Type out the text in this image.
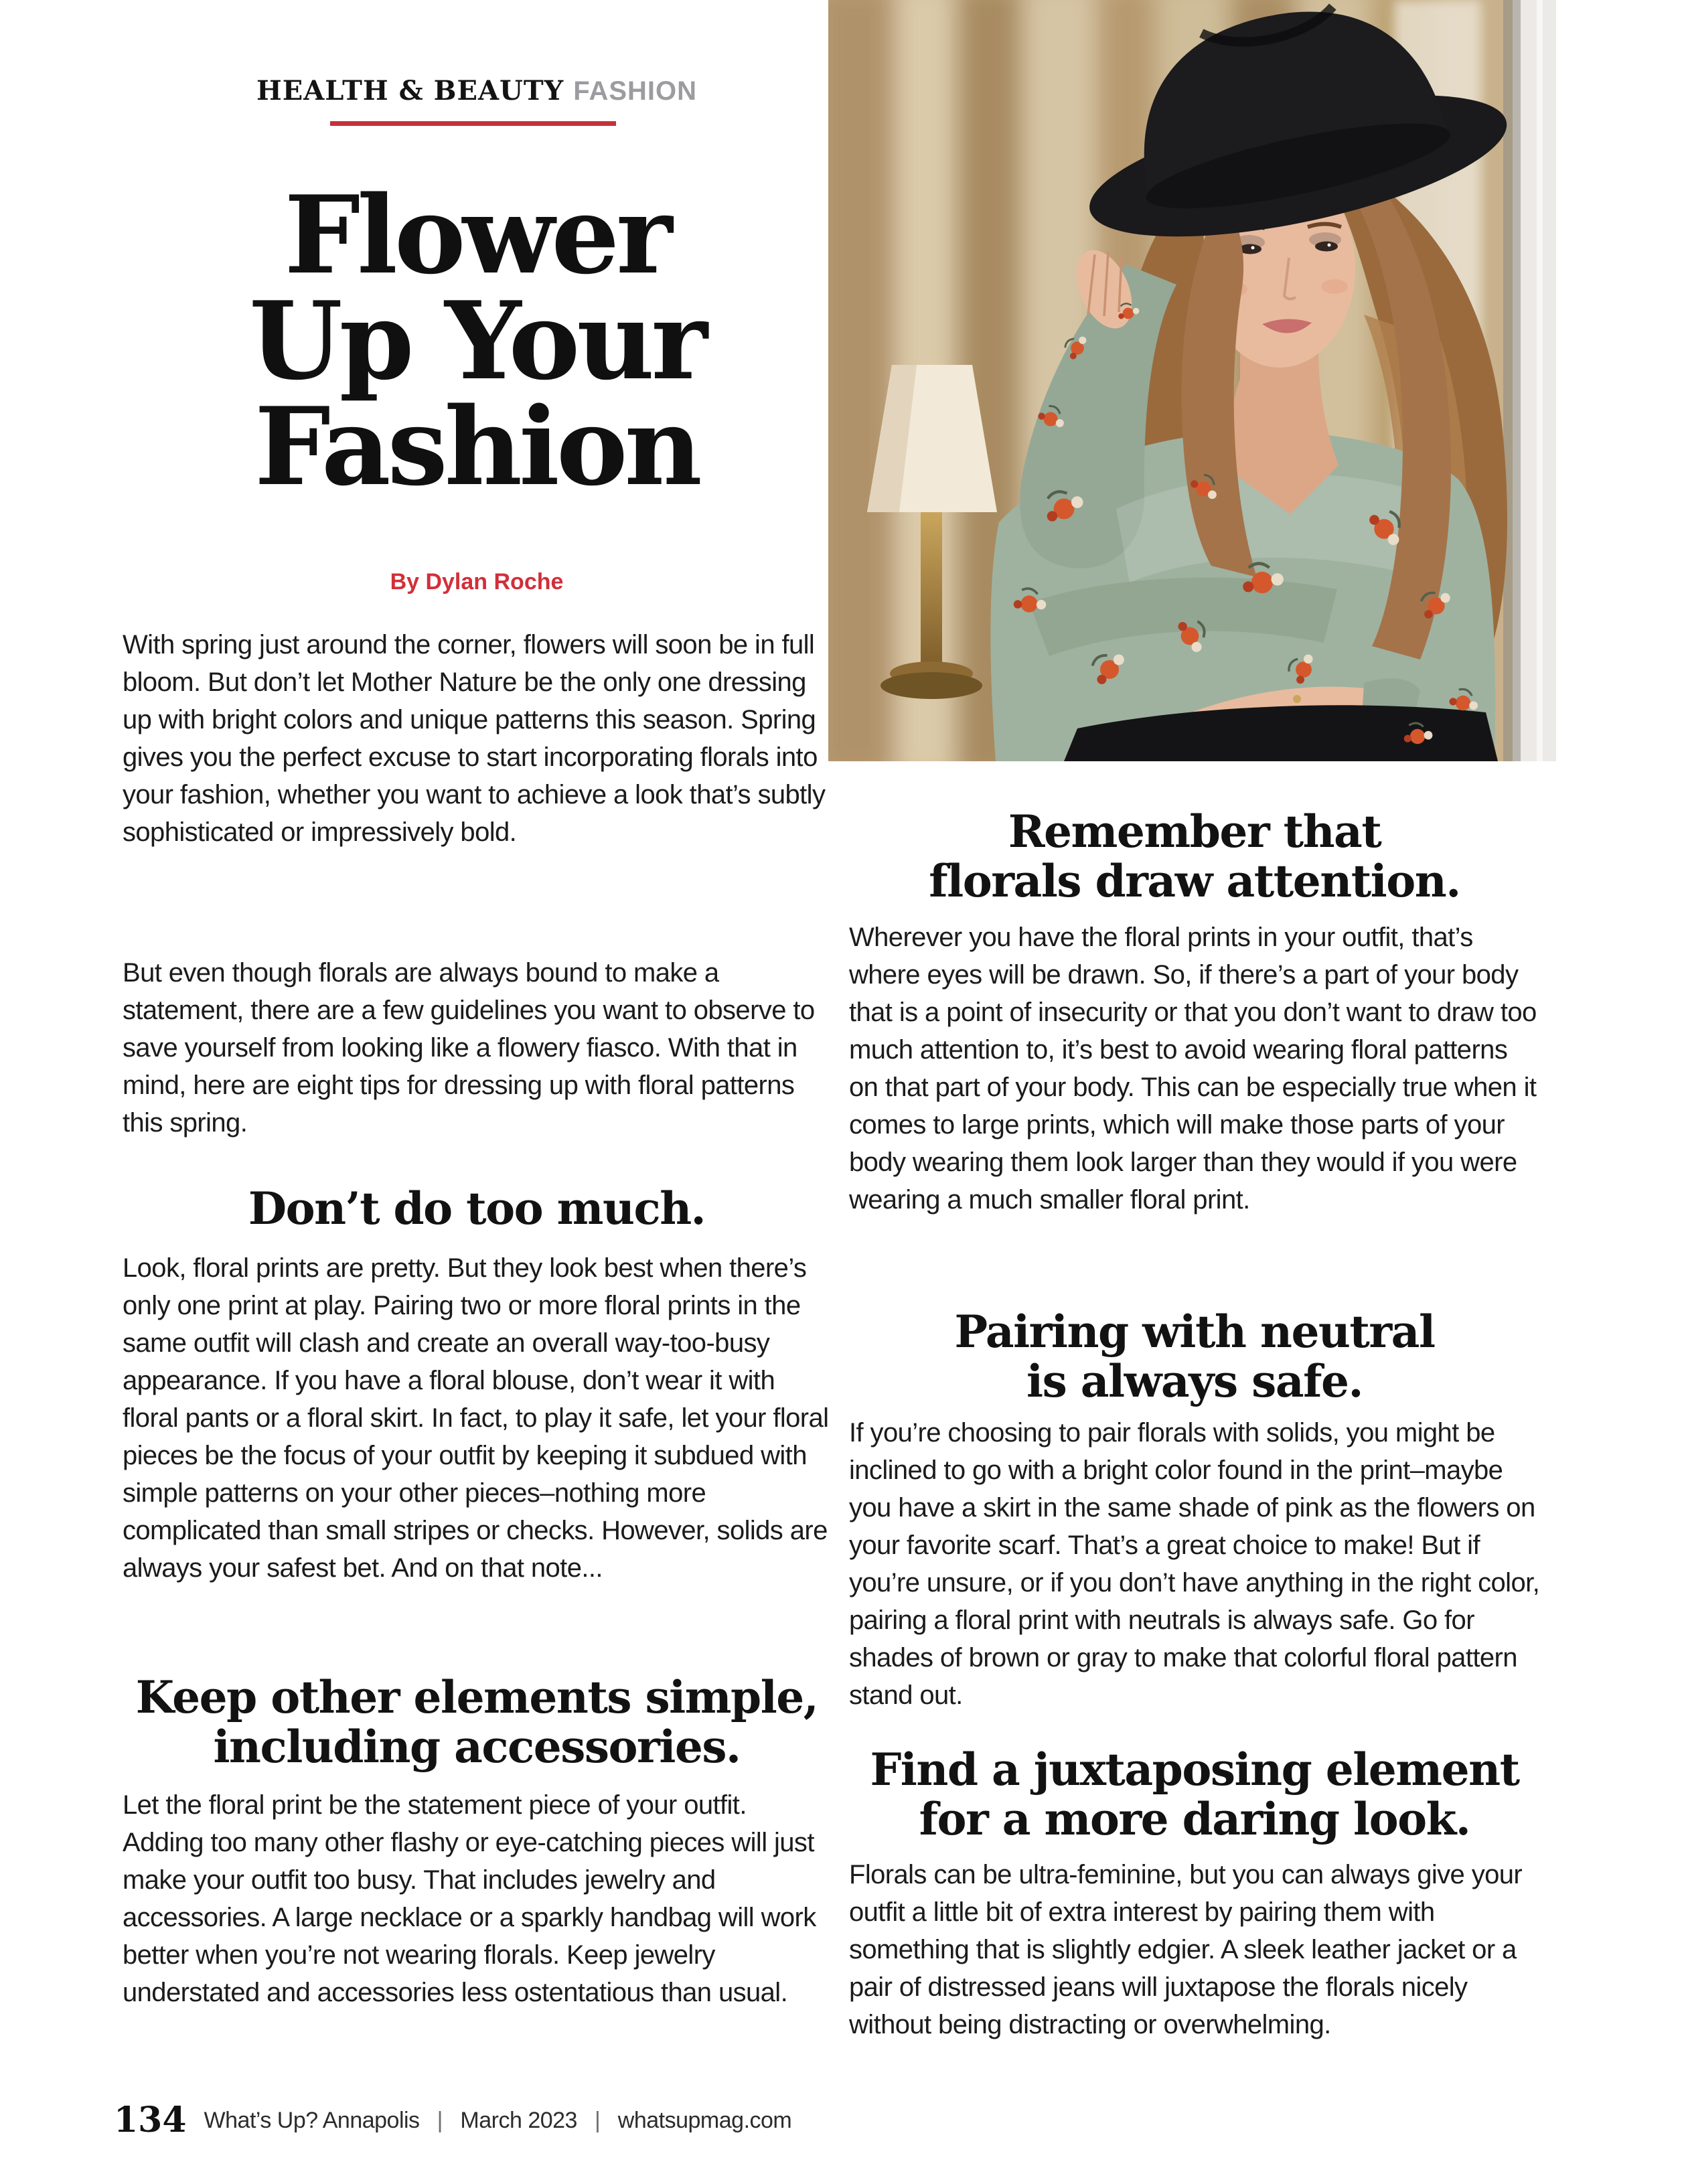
HEALTH & BEAUTY FASHION
Flower
Up Your
Fashion
By Dylan Roche
With spring just around the corner, flowers will soon be in full bloom. But don’t let Mother Nature be the only one dressing up with bright colors and unique patterns this season. Spring gives you the perfect excuse to start incorporating florals into your fashion, whether you want to achieve a look that’s subtly sophisticated or impressively bold.
But even though florals are always bound to make a statement, there are a few guidelines you want to observe to save yourself from looking like a flowery fiasco. With that in mind, here are eight tips for dressing up with floral patterns this spring.
Don’t do too much.
Look, floral prints are pretty. But they look best when there’s only one print at play. Pairing two or more floral prints in the same outfit will clash and create an overall way-too-busy appearance. If you have a floral blouse, don’t wear it with floral pants or a floral skirt. In fact, to play it safe, let your floral pieces be the focus of your outfit by keeping it subdued with simple patterns on your other pieces–nothing more complicated than small stripes or checks. However, solids are always your safest bet. And on that note...
Keep other elements simple,
including accessories.
Let the floral print be the statement piece of your outfit. Adding too many other flashy or eye-catching pieces will just make your outfit too busy. That includes jewelry and accessories. A large necklace or a sparkly handbag will work better when you’re not wearing florals. Keep jewelry understated and accessories less ostentatious than usual.
Remember that
florals draw attention.
Wherever you have the floral prints in your outfit, that’s where eyes will be drawn. So, if there’s a part of your body that is a point of insecurity or that you don’t want to draw too much attention to, it’s best to avoid wearing floral patterns on that part of your body. This can be especially true when it comes to large prints, which will make those parts of your body wearing them look larger than they would if you were wearing a much smaller floral print.
Pairing with neutral
is always safe.
If you’re choosing to pair florals with solids, you might be inclined to go with a bright color found in the print–maybe you have a skirt in the same shade of pink as the flowers on your favorite scarf. That’s a great choice to make! But if you’re unsure, or if you don’t have anything in the right color, pairing a floral print with neutrals is always safe. Go for shades of brown or gray to make that colorful floral pattern stand out.
Find a juxtaposing element
for a more daring look.
Florals can be ultra-feminine, but you can always give your outfit a little bit of extra interest by pairing them with something that is slightly edgier. A sleek leather jacket or a pair of distressed jeans will juxtapose the florals nicely without being distracting or overwhelming.
134 What’s Up? Annapolis | March 2023 | whatsupmag.com
